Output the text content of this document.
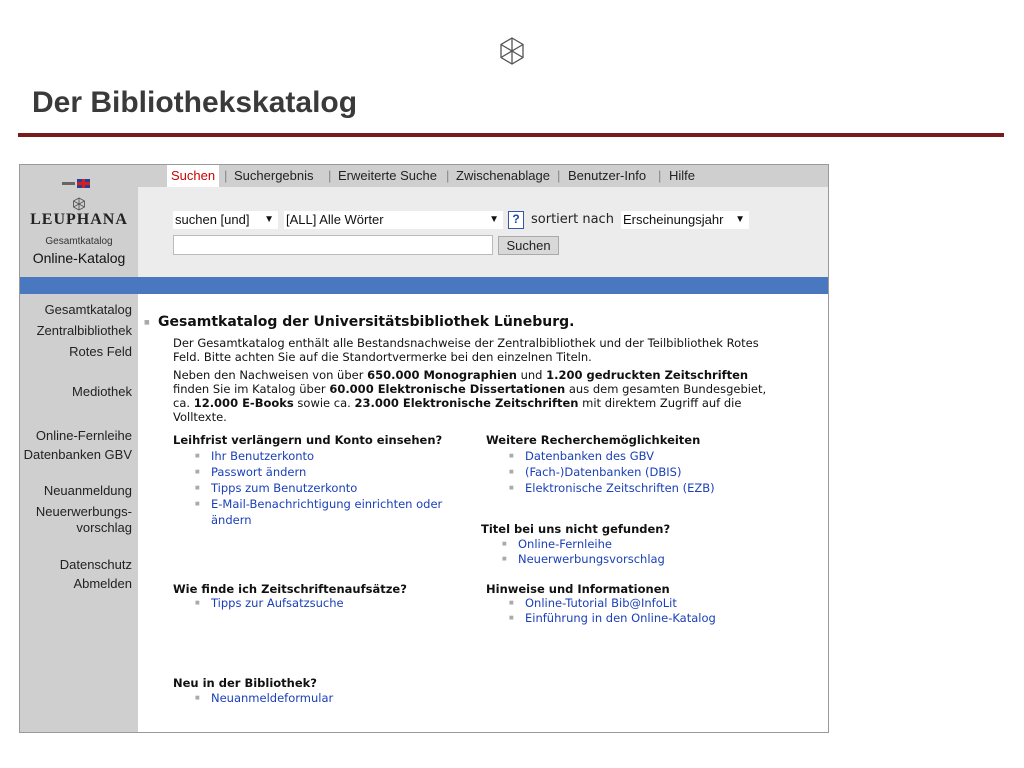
Der Bibliothekskatalog
LEUPHANA
Gesamtkatalog
Online-Katalog
Gesamtkatalog
Zentralbibliothek
Rotes Feld
Mediothek
Online-Fernleihe
Datenbanken GBV
Neuanmeldung
Neuerwerbungs-
vorschlag
Datenschutz
Abmelden
Suchen | Suchergebnis | Erweiterte Suche | Zwischenablage | Benutzer-Info | Hilfe
suchen [und] ▼ [ALL] Alle Wörter	▼	? sortiert nach Erscheinungsjahr ▼
Suchen
■ Gesamtkatalog der Universitätsbibliothek Lüneburg.
Der Gesamtkatalog enthält alle Bestandsnachweise der Zentralbibliothek und der Teilbibliothek Rotes
Feld. Bitte achten Sie auf die Standortvermerke bei den einzelnen Titeln.
Neben den Nachweisen von über 650.000 Monographien und 1.200 gedruckten Zeitschriften
finden Sie im Katalog über 60.000 Elektronische Dissertationen aus dem gesamten Bundesgebiet,
ca. 12.000 E-Books sowie ca. 23.000 Elektronische Zeitschriften mit direktem Zugriff auf die
Volltexte.
Leihfrist verlängern und Konto einsehen?
■ Ihr Benutzerkonto
■ Passwort ändern
■ Tipps zum Benutzerkonto
■ E-Mail-Benachrichtigung einrichten oder
ändern
Weitere Recherchemöglichkeiten
■ Datenbanken des GBV
■ (Fach-)Datenbanken (DBIS)
■ Elektronische Zeitschriften (EZB)
Titel bei uns nicht gefunden?
■ Online-Fernleihe
■ Neuerwerbungsvorschlag
Wie finde ich Zeitschriftenaufsätze?
■ Tipps zur Aufsatzsuche
Hinweise und Informationen
■ Online-Tutorial Bib@InfoLit
■ Einführung in den Online-Katalog
Neu in der Bibliothek?
■ Neuanmeldeformular
